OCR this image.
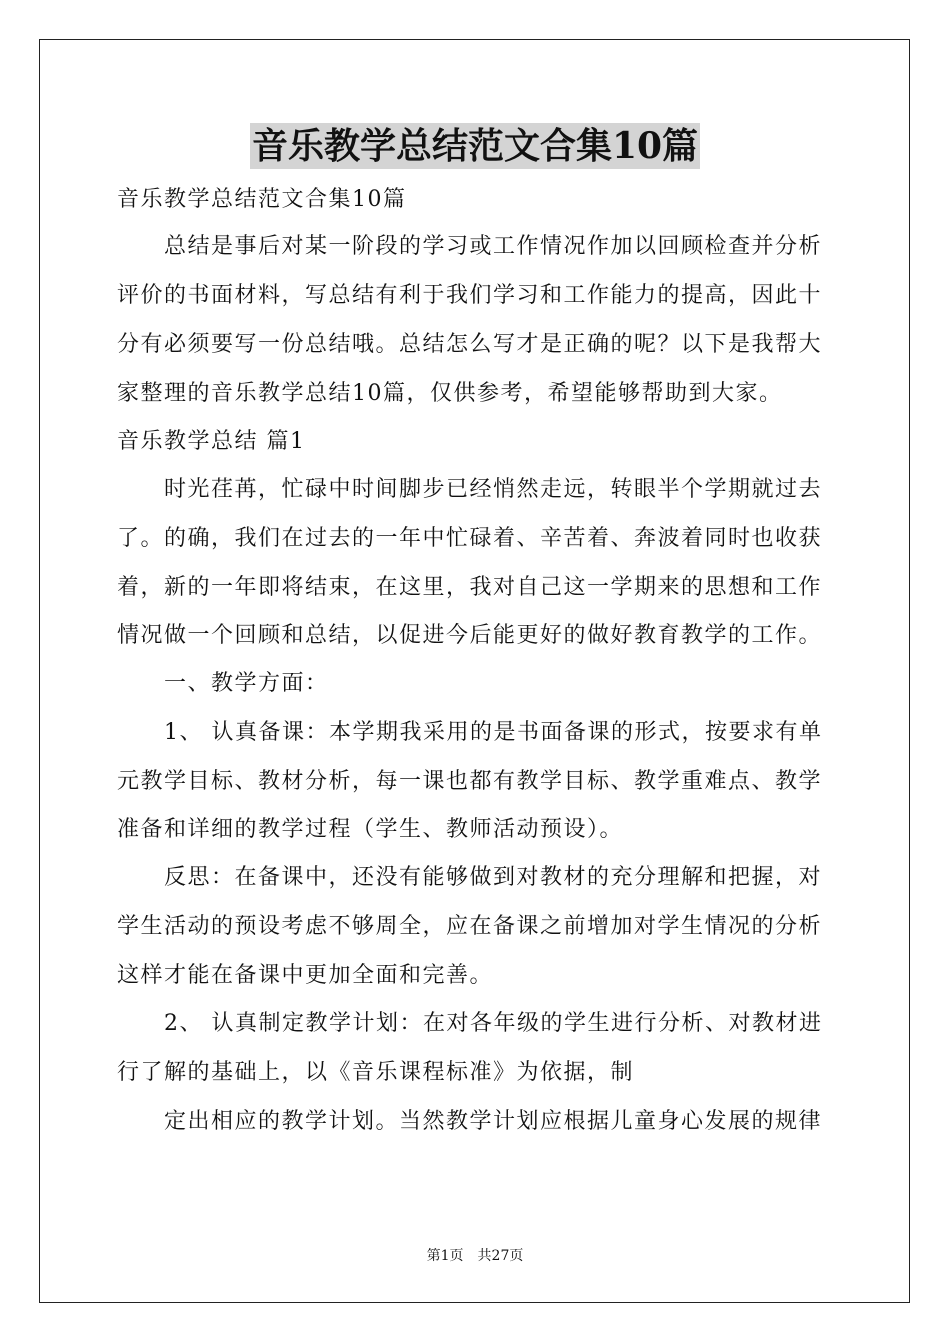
音乐教学总结范文合集10篇
音乐教学总结范文合集10篇
总结是事后对某一阶段的学习或工作情况作加以回顾检查并分析
评价的书面材料，写总结有利于我们学习和工作能力的提高，因此十
分有必须要写一份总结哦。总结怎么写才是正确的呢？以下是我帮大
家整理的音乐教学总结10篇，仅供参考，希望能够帮助到大家。
音乐教学总结 篇1
时光荏苒，忙碌中时间脚步已经悄然走远，转眼半个学期就过去
了。的确，我们在过去的一年中忙碌着、辛苦着、奔波着同时也收获
着，新的一年即将结束，在这里，我对自己这一学期来的思想和工作
情况做一个回顾和总结，以促进今后能更好的做好教育教学的工作。
一、教学方面：
1、 认真备课：本学期我采用的是书面备课的形式，按要求有单
元教学目标、教材分析，每一课也都有教学目标、教学重难点、教学
准备和详细的教学过程（学生、教师活动预设）。
反思：在备课中，还没有能够做到对教材的充分理解和把握，对
学生活动的预设考虑不够周全，应在备课之前增加对学生情况的分析
这样才能在备课中更加全面和完善。
2、 认真制定教学计划：在对各年级的学生进行分析、对教材进
行了解的基础上，以《音乐课程标准》为依据，制
定出相应的教学计划。当然教学计划应根据儿童身心发展的规律
第1页　共27页
